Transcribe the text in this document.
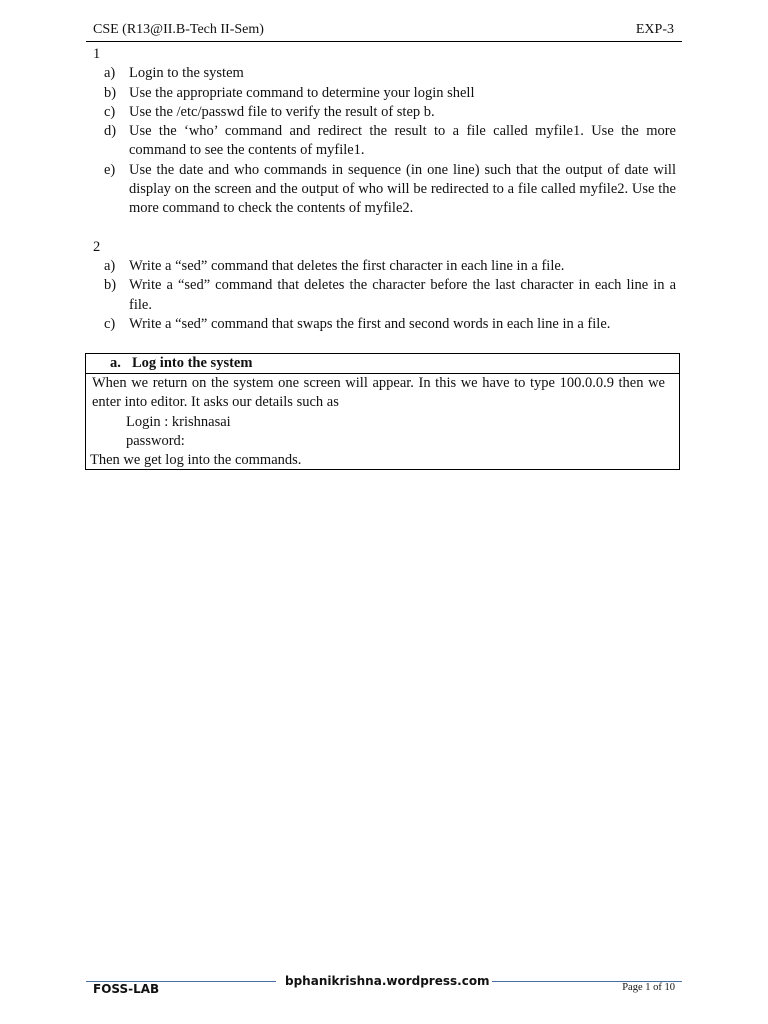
CSE (R13@II.B-Tech II-Sem)	EXP-3

1

a) Login to the system
b) Use the appropriate command to determine your login shell
c) Use the /etc/passwd file to verify the result of step b.
d) Use the ‘who’ command and redirect the result to a file called myfile1. Use the more command to see the contents of myfile1.
e) Use the date and who commands in sequence (in one line) such that the output of date will display on the screen and the output of who will be redirected to a file called myfile2. Use the more command to check the contents of myfile2.

2

a) Write a “sed” command that deletes the first character in each line in a file.
b) Write a “sed” command that deletes the character before the last character in each line in a file.
c) Write a “sed” command that swaps the first and second words in each line in a file.
a. Log into the system
When we return on the system one screen will appear. In this we have to type 100.0.0.9 then we enter into editor. It asks our details such as
Login : krishnasai
password:
Then we get log into the commands.
FOSS-LAB
bphanikrishna.wordpress.com	Page 1 of 10
